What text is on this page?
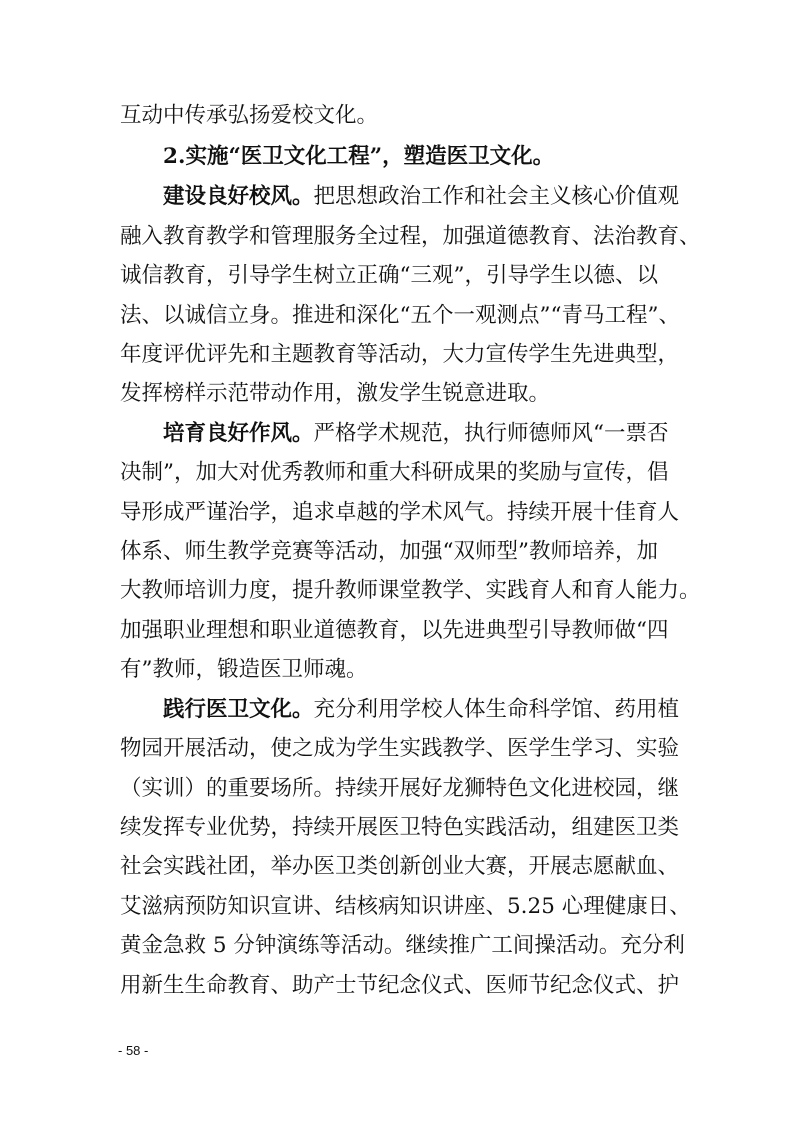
互动中传承弘扬爱校文化。
2.实施“医卫文化工程”，塑造医卫文化。
建设良好校风。把思想政治工作和社会主义核心价值观
融入教育教学和管理服务全过程，加强道德教育、法治教育、
诚信教育，引导学生树立正确“三观”，引导学生以德、以
法、以诚信立身。推进和深化“五个一观测点”“青马工程”、
年度评优评先和主题教育等活动，大力宣传学生先进典型，
发挥榜样示范带动作用，激发学生锐意进取。
培育良好作风。严格学术规范，执行师德师风“一票否
决制”，加大对优秀教师和重大科研成果的奖励与宣传，倡
导形成严谨治学，追求卓越的学术风气。持续开展十佳育人
体系、师生教学竞赛等活动，加强“双师型”教师培养，加
大教师培训力度，提升教师课堂教学、实践育人和育人能力。
加强职业理想和职业道德教育，以先进典型引导教师做“四
有”教师，锻造医卫师魂。
践行医卫文化。充分利用学校人体生命科学馆、药用植
物园开展活动，使之成为学生实践教学、医学生学习、实验
（实训）的重要场所。持续开展好龙狮特色文化进校园，继
续发挥专业优势，持续开展医卫特色实践活动，组建医卫类
社会实践社团，举办医卫类创新创业大赛，开展志愿献血、
艾滋病预防知识宣讲、结核病知识讲座、5.25 心理健康日、
黄金急救 5 分钟演练等活动。继续推广工间操活动。充分利
用新生生命教育、助产士节纪念仪式、医师节纪念仪式、护
- 58 -
